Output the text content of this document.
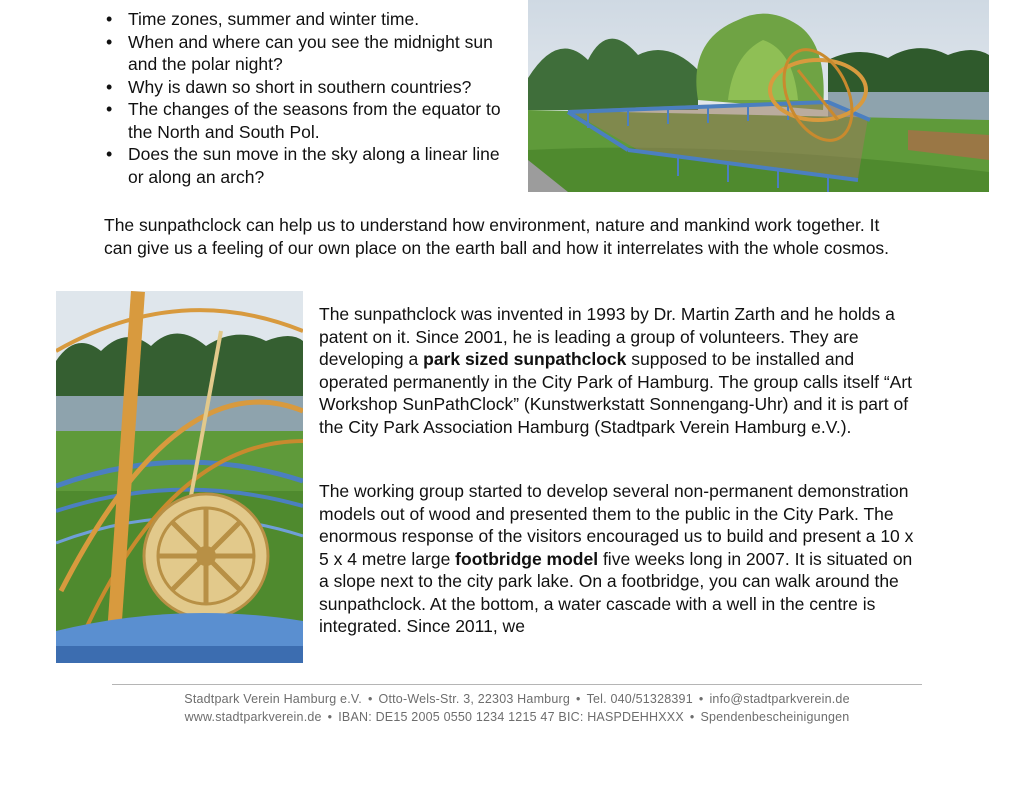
• Time zones, summer and winter time.
• When and where can you see the midnight sun and the polar night?
• Why is dawn so short in southern countries?
• The changes of the seasons from the equator to the North and South Pol.
• Does the sun move in the sky along a linear line or along an arch?

The sunpathclock can help us to understand how environment, nature and mankind work together. It can give us a feeling of our own place on the earth ball and how it interrelates with the whole cosmos.

The sunpathclock was invented in 1993 by Dr. Martin Zarth and he holds a patent on it. Since 2001, he is leading a group of volunteers. They are developing a park sized sunpathclock supposed to be installed and operated permanently in the City Park of Hamburg. The group calls itself “Art Workshop SunPathClock” (Kunstwerkstatt Sonnengang-Uhr) and it is part of the City Park Association Hamburg (Stadtpark Verein Hamburg e.V.).

The working group started to develop several non-permanent demonstration models out of wood and presented them to the public in the City Park. The enormous response of the visitors encouraged us to build and present a 10 x 5 x 4 metre large footbridge model five weeks long in 2007. It is situated on a slope next to the city park lake. On a footbridge, you can walk around the sunpathclock. At the bottom, a water cascade with a well in the centre is integrated. Since 2011, we

Stadtpark Verein Hamburg e.V. • Otto-Wels-Str. 3, 22303 Hamburg • Tel. 040/51328391 • info@stadtparkverein.de
www.stadtparkverein.de • IBAN: DE15 2005 0550 1234 1215 47 BIC: HASPDEHHXXX • Spendenbescheinigungen
